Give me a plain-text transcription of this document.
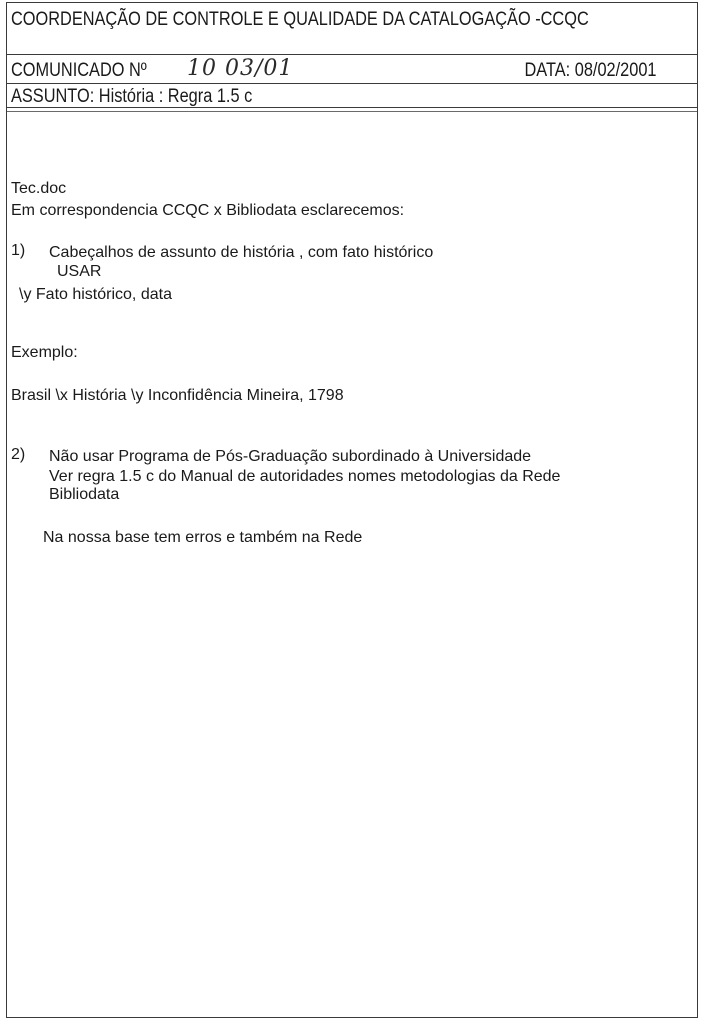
COORDENAÇÃO DE CONTROLE E QUALIDADE DA CATALOGAÇÃO -CCQC
COMUNICADO Nº 10 03/01	DATA: 08/02/2001
ASSUNTO: História : Regra 1.5 c
Tec.doc
Em correspondencia CCQC x Bibliodata esclarecemos:
1) Cabeçalhos de assunto de história , com fato histórico
USAR
\y Fato histórico, data
Exemplo:
Brasil \x História \y Inconfidência Mineira, 1798
2) Não usar Programa de Pós-Graduação subordinado à Universidade
Ver regra 1.5 c do Manual de autoridades nomes metodologias da Rede
Bibliodata
Na nossa base tem erros e também na Rede
